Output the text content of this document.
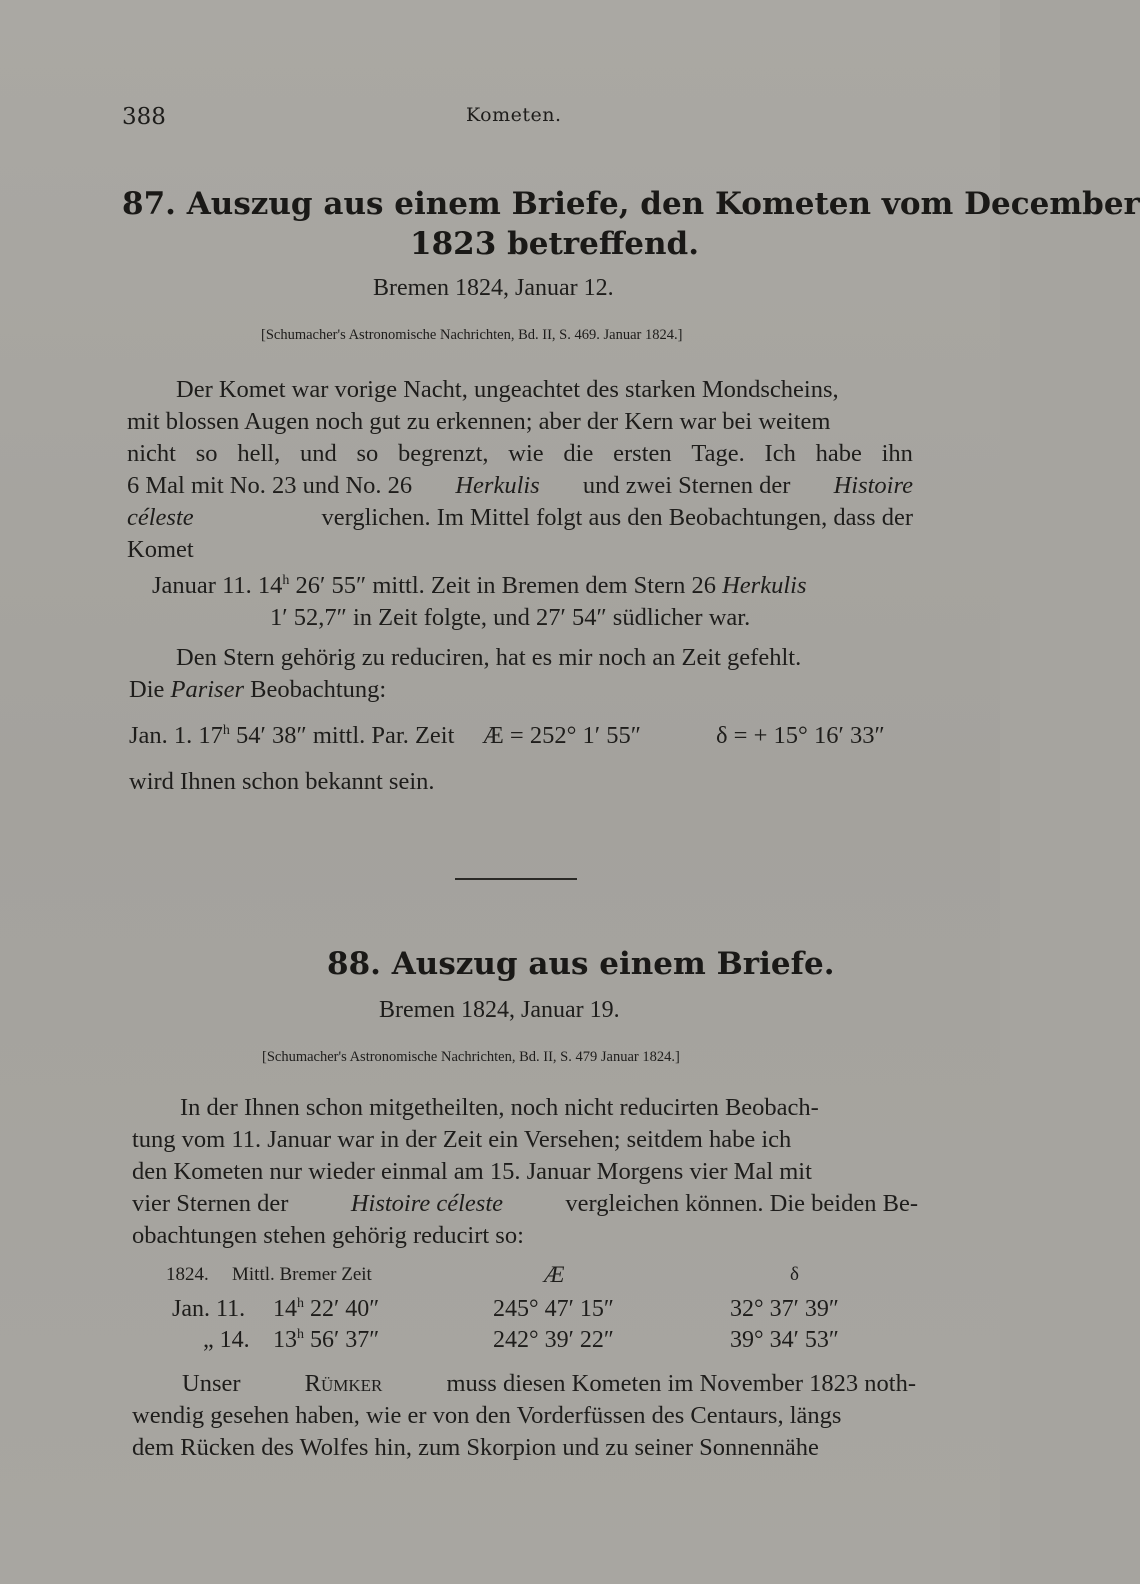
388	Kometen.
87. Auszug aus einem Briefe, den Kometen vom December
1823 betreffend.
Bremen 1824, Januar 12.
[Schumacher's Astronomische Nachrichten, Bd. II, S. 469. Januar 1824.]
Der Komet war vorige Nacht, ungeachtet des starken Mondscheins,
mit blossen Augen noch gut zu erkennen; aber der Kern war bei weitem
nicht so hell, und so begrenzt, wie die ersten Tage. Ich habe ihn
6 Mal mit No. 23 und No. 26 Herkulis und zwei Sternen der Histoire
céleste	verglichen. Im Mittel folgt aus den Beobachtungen, dass der
Komet
Januar 11. 14$^h$ 26′ 55″ mittl. Zeit in Bremen dem Stern 26 Herkulis
1′ 52,7″ in Zeit folgte, und 27′ 54″ südlicher war.
Den Stern gehörig zu reduciren, hat es mir noch an Zeit gefehlt.
Die Pariser Beobachtung:
Jan. 1. 17$^h$ 54′ 38″ mittl. Par. Zeit Æ = 252° 1′ 55″	δ = + 15° 16′ 33″
wird Ihnen schon bekannt sein.
88. Auszug aus einem Briefe.
Bremen 1824, Januar 19.
[Schumacher's Astronomische Nachrichten, Bd. II, S. 479 Januar 1824.]
In der Ihnen schon mitgetheilten, noch nicht reducirten Beobach-
tung vom 11. Januar war in der Zeit ein Versehen; seitdem habe ich
den Kometen nur wieder einmal am 15. Januar Morgens vier Mal mit
vier Sternen der	Histoire céleste	vergleichen können. Die beiden Be-
obachtungen stehen gehörig reducirt so:
1824. Mittl. Bremer Zeit	Æ	δ
Jan. 11. 14$^h$ 22′ 40″	245° 47′ 15″	32° 37′ 39″
„ 14. 13$^h$ 56′ 37″	242° 39′ 22″	39° 34′ 53″
Unser	Rümker	muss diesen Kometen im November 1823 noth-
wendig gesehen haben, wie er von den Vorderfüssen des Centaurs, längs
dem Rücken des Wolfes hin, zum Skorpion und zu seiner Sonnennähe
